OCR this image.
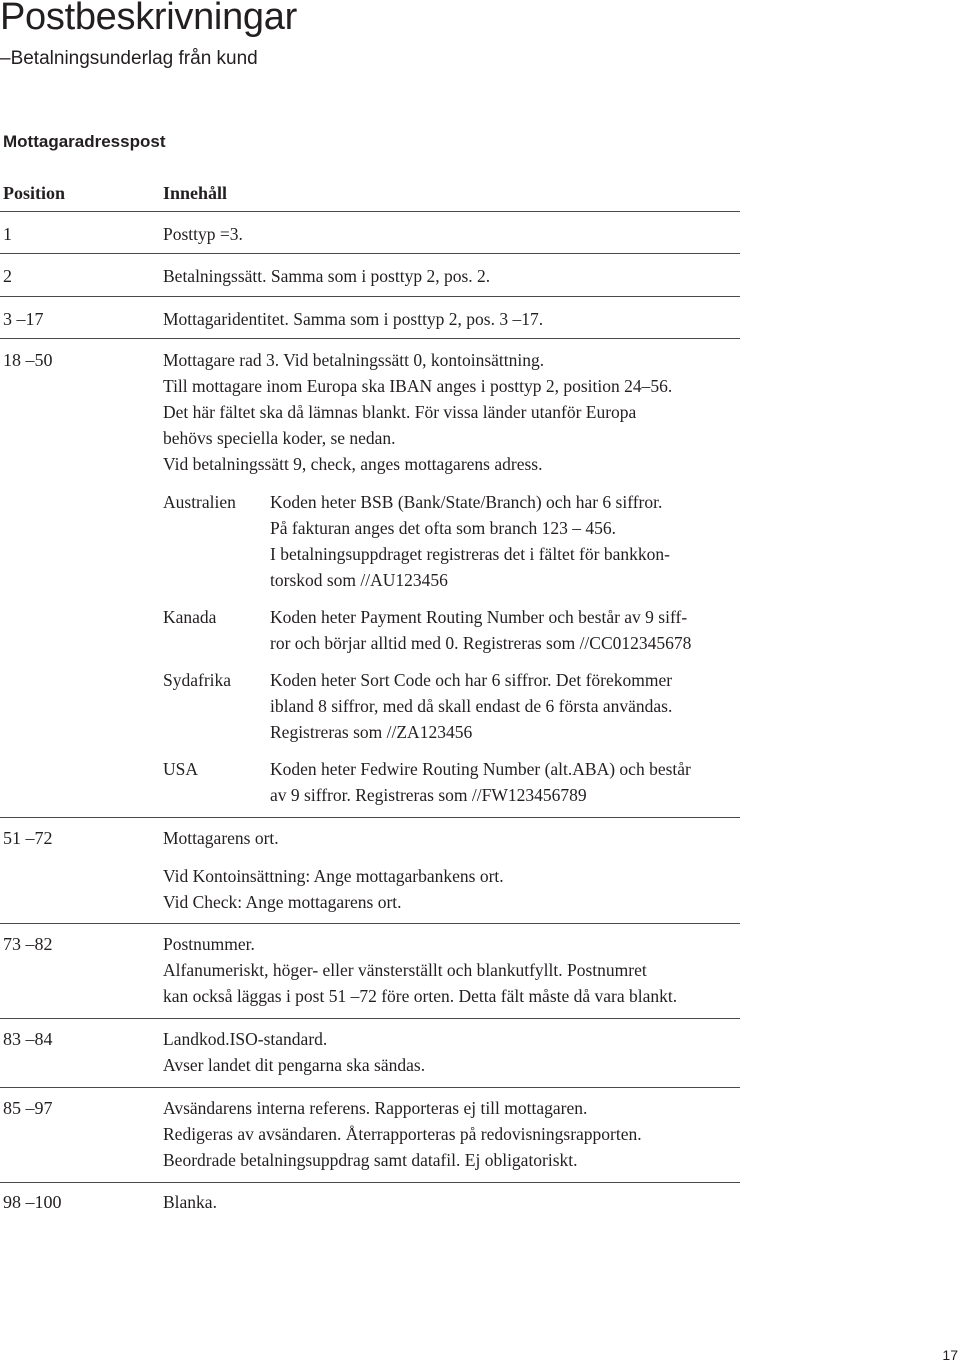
Postbeskrivningar
–Betalningsunderlag från kund
Mottagaradresspost
Position	Innehåll
1	Posttyp =3.
2	Betalningssätt. Samma som i posttyp 2, pos. 2.
3 –17	Mottagaridentitet. Samma som i posttyp 2, pos. 3 –17.
18 –50	Mottagare rad 3. Vid betalningssätt 0, kontoinsättning.
Till mottagare inom Europa ska IBAN anges i posttyp 2, position 24–56.
Det här fältet ska då lämnas blankt. För vissa länder utanför Europa
behövs speciella koder, se nedan.
Vid betalningssätt 9, check, anges mottagarens adress.
Australien Koden heter BSB (Bank/State/Branch) och har 6 siffror.
På fakturan anges det ofta som branch 123 – 456.
I betalningsuppdraget registreras det i fältet för bankkon-
torskod som //AU123456
Kanada	Koden heter Payment Routing Number och består av 9 siff-
ror och börjar alltid med 0. Registreras som //CC012345678
Sydafrika Koden heter Sort Code och har 6 siffror. Det förekommer
ibland 8 siffror, med då skall endast de 6 första användas.
Registreras som //ZA123456
USA	Koden heter Fedwire Routing Number (alt.ABA) och består
av 9 siffror. Registreras som //FW123456789
51 –72	Mottagarens ort.
Vid Kontoinsättning: Ange mottagarbankens ort.
Vid Check: Ange mottagarens ort.
73 –82	Postnummer.
Alfanumeriskt, höger- eller vänsterställt och blankutfyllt. Postnumret
kan också läggas i post 51 –72 före orten. Detta fält måste då vara blankt.
83 –84	Landkod.ISO-standard.
Avser landet dit pengarna ska sändas.
85 –97	Avsändarens interna referens. Rapporteras ej till mottagaren.
Redigeras av avsändaren. Återrapporteras på redovisningsrapporten.
Beordrade betalningsuppdrag samt datafil. Ej obligatoriskt.
98 –100	Blanka.
17
